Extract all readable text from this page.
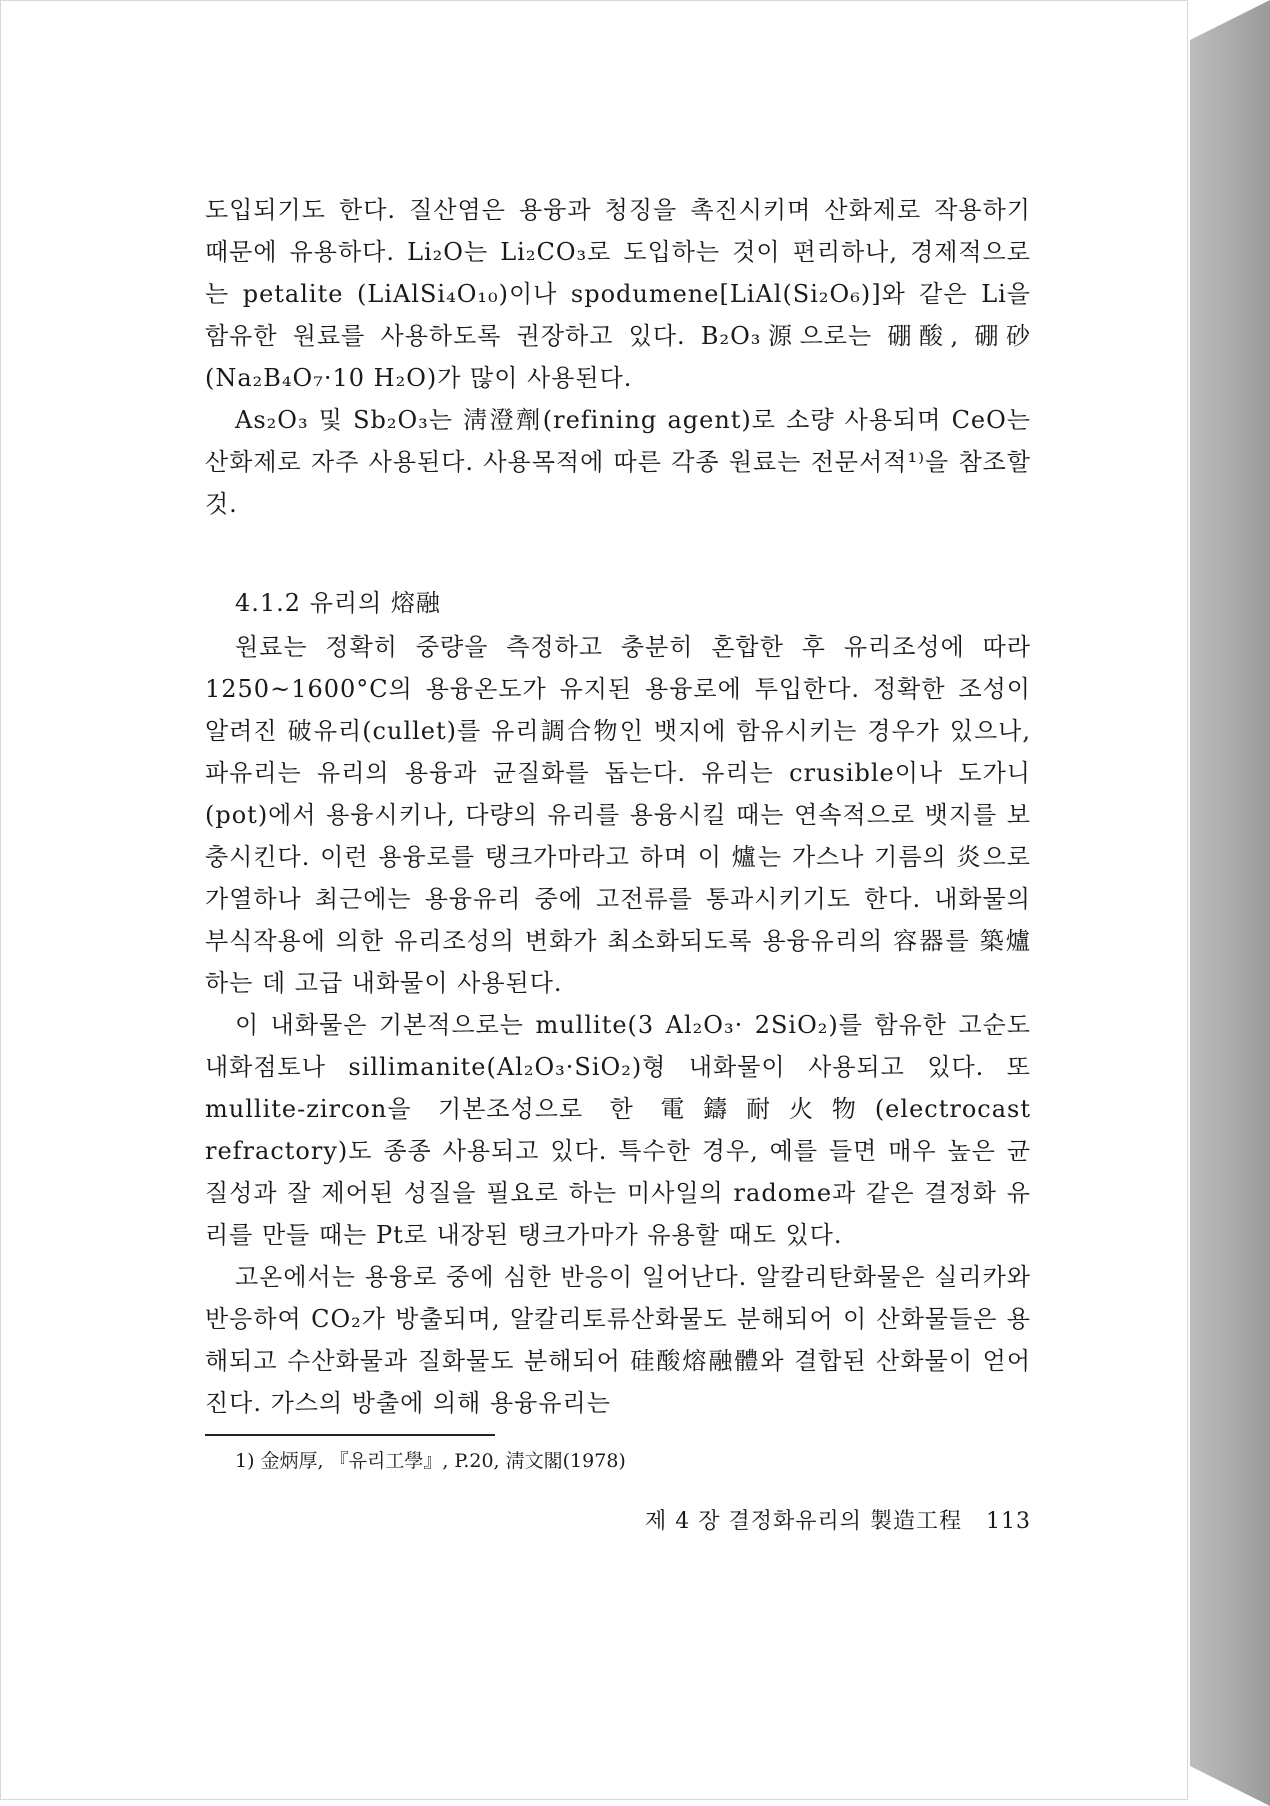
도입되기도 한다. 질산염은 용융과 청징을 촉진시키며 산화제로 작용하기 때문에 유용하다. Li₂O는 Li₂CO₃로 도입하는 것이 편리하나, 경제적으로는 petalite (LiAlSi₄O₁₀)이나 spodumene[LiAl(Si₂O₆)]와 같은 Li을 함유한 원료를 사용하도록 권장하고 있다. B₂O₃源으로는 硼酸, 硼砂(Na₂B₄O₇·10 H₂O)가 많이 사용된다.

As₂O₃ 및 Sb₂O₃는 淸澄劑(refining agent)로 소량 사용되며 CeO는 산화제로 자주 사용된다. 사용목적에 따른 각종 원료는 전문서적¹⁾을 참조할 것.

4.1.2 유리의 熔融

원료는 정확히 중량을 측정하고 충분히 혼합한 후 유리조성에 따라 1250~1600°C의 용융온도가 유지된 용융로에 투입한다. 정확한 조성이 알려진 破유리(cullet)를 유리調合物인 뱃지에 함유시키는 경우가 있으나, 파유리는 유리의 용융과 균질화를 돕는다. 유리는 crusible이나 도가니(pot)에서 용융시키나, 다량의 유리를 용융시킬 때는 연속적으로 뱃지를 보충시킨다. 이런 용융로를 탱크가마라고 하며 이 爐는 가스나 기름의 炎으로 가열하나 최근에는 용융유리 중에 고전류를 통과시키기도 한다. 내화물의 부식작용에 의한 유리조성의 변화가 최소화되도록 용융유리의 容器를 築爐하는 데 고급 내화물이 사용된다.

이 내화물은 기본적으로는 mullite(3 Al₂O₃· 2SiO₂)를 함유한 고순도 내화점토나 sillimanite(Al₂O₃·SiO₂)형 내화물이 사용되고 있다. 또 mullite-zircon을 기본조성으로 한 電鑄耐火物(electrocast refractory)도 종종 사용되고 있다. 특수한 경우, 예를 들면 매우 높은 균질성과 잘 제어된 성질을 필요로 하는 미사일의 radome과 같은 결정화 유리를 만들 때는 Pt로 내장된 탱크가마가 유용할 때도 있다.

고온에서는 용융로 중에 심한 반응이 일어난다. 알칼리탄화물은 실리카와 반응하여 CO₂가 방출되며, 알칼리토류산화물도 분해되어 이 산화물들은 용해되고 수산화물과 질화물도 분해되어 硅酸熔融體와 결합된 산화물이 얻어진다. 가스의 방출에 의해 용융유리는

1) 金炳厚, 『유리工學』, P.20, 淸文閣(1978)
제 4 장 결정화유리의 製造工程 113
